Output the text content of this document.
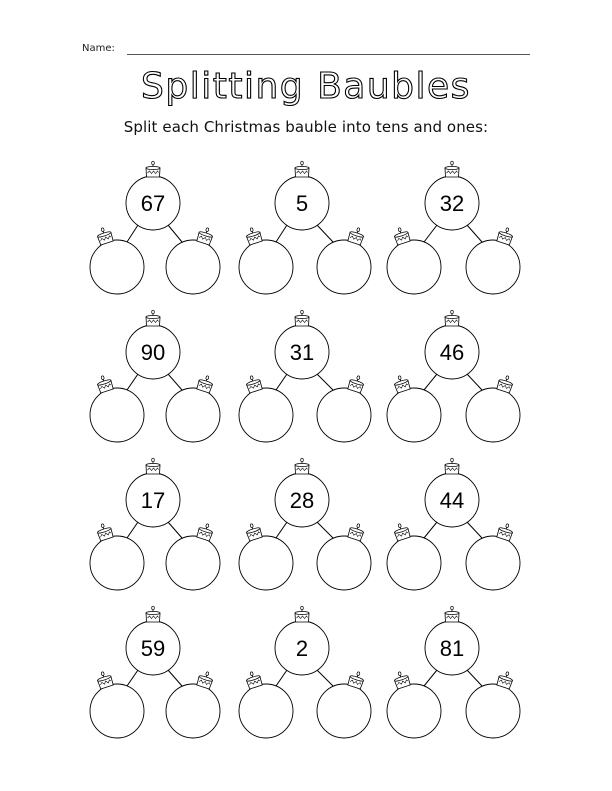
Name:
Splitting Baubles
Split each Christmas bauble into tens and ones:
67	5	32
90	31	46
17	28	44
59	2	81
